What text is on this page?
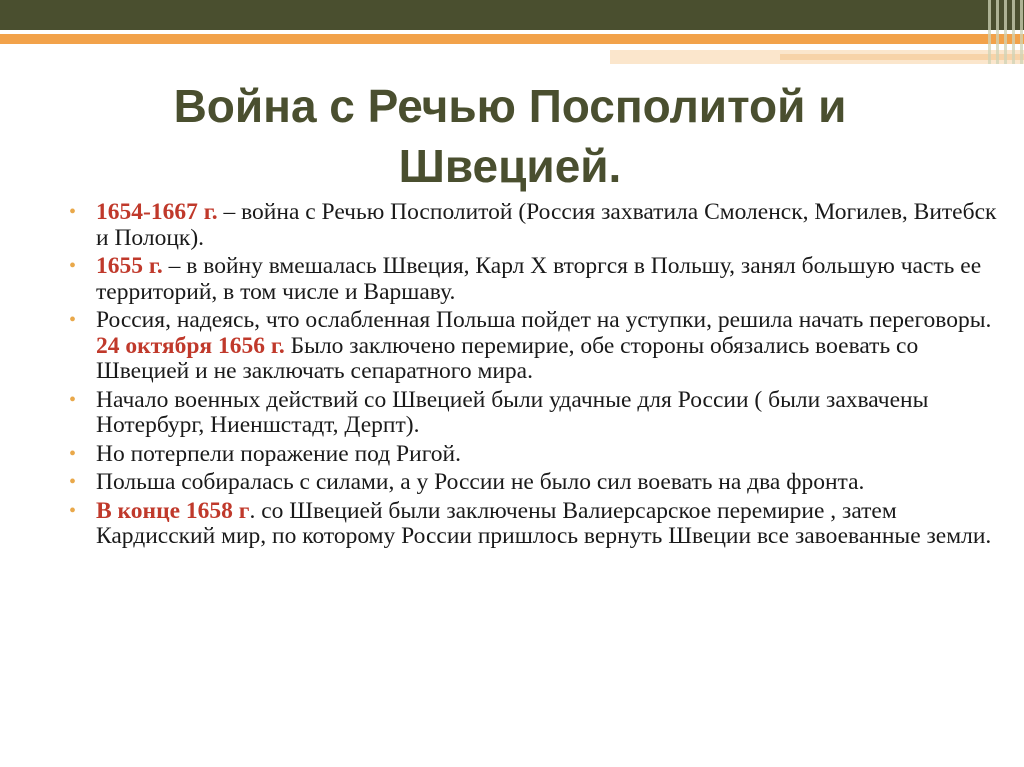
Война с Речью Посполитой и Швецией.
• 1654-1667 г. – война с Речью Посполитой (Россия захватила Смоленск, Могилев, Витебск и Полоцк).
• 1655 г. – в войну вмешалась Швеция, Карл X вторгся в Польшу, занял большую часть ее территорий, в том числе и Варшаву.
• Россия, надеясь, что ослабленная Польша пойдет на уступки, решила начать переговоры. 24 октября 1656 г. Было заключено перемирие, обе стороны обязались воевать со Швецией и не заключать сепаратного мира.
• Начало военных действий со Швецией были удачные для России ( были захвачены Нотербург, Ниеншстадт, Дерпт).
• Но потерпели поражение под Ригой.
• Польша собиралась с силами, а у России не было сил воевать на два фронта.
• В конце 1658 г. со Швецией были заключены Валиерсарское перемирие , затем Кардисский мир, по которому России пришлось вернуть Швеции все завоеванные земли.
